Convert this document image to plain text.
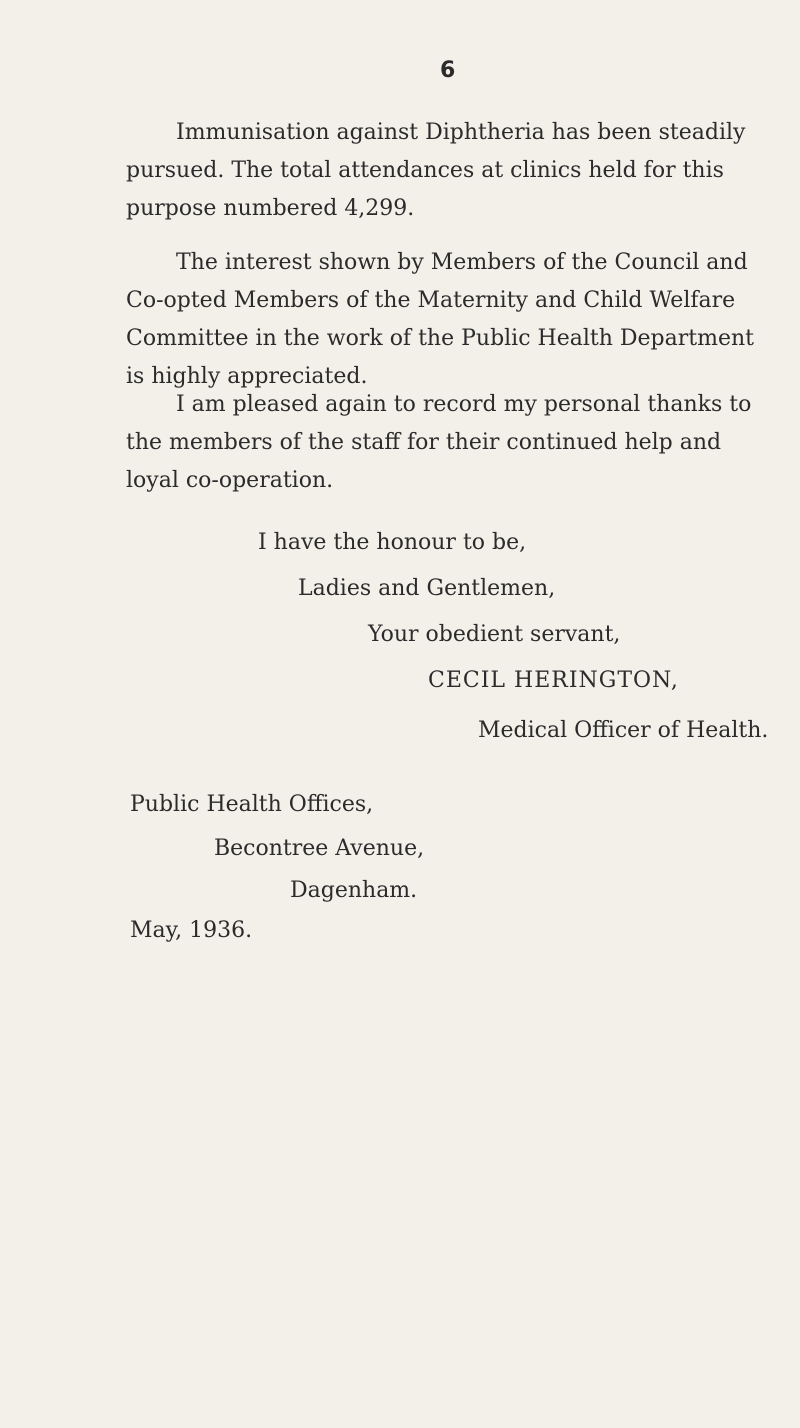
6

Immunisation against Diphtheria has been steadily pursued. The total attendances at clinics held for this purpose numbered 4,299.

The interest shown by Members of the Council and Co-opted Members of the Maternity and Child Welfare Committee in the work of the Public Health Department is highly appreciated.

I am pleased again to record my personal thanks to the members of the staff for their continued help and loyal co-operation.

I have the honour to be,
Ladies and Gentlemen,
Your obedient servant,
CECIL HERINGTON,
Medical Officer of Health.
Public Health Offices,
Becontree Avenue,
Dagenham.
May, 1936.
